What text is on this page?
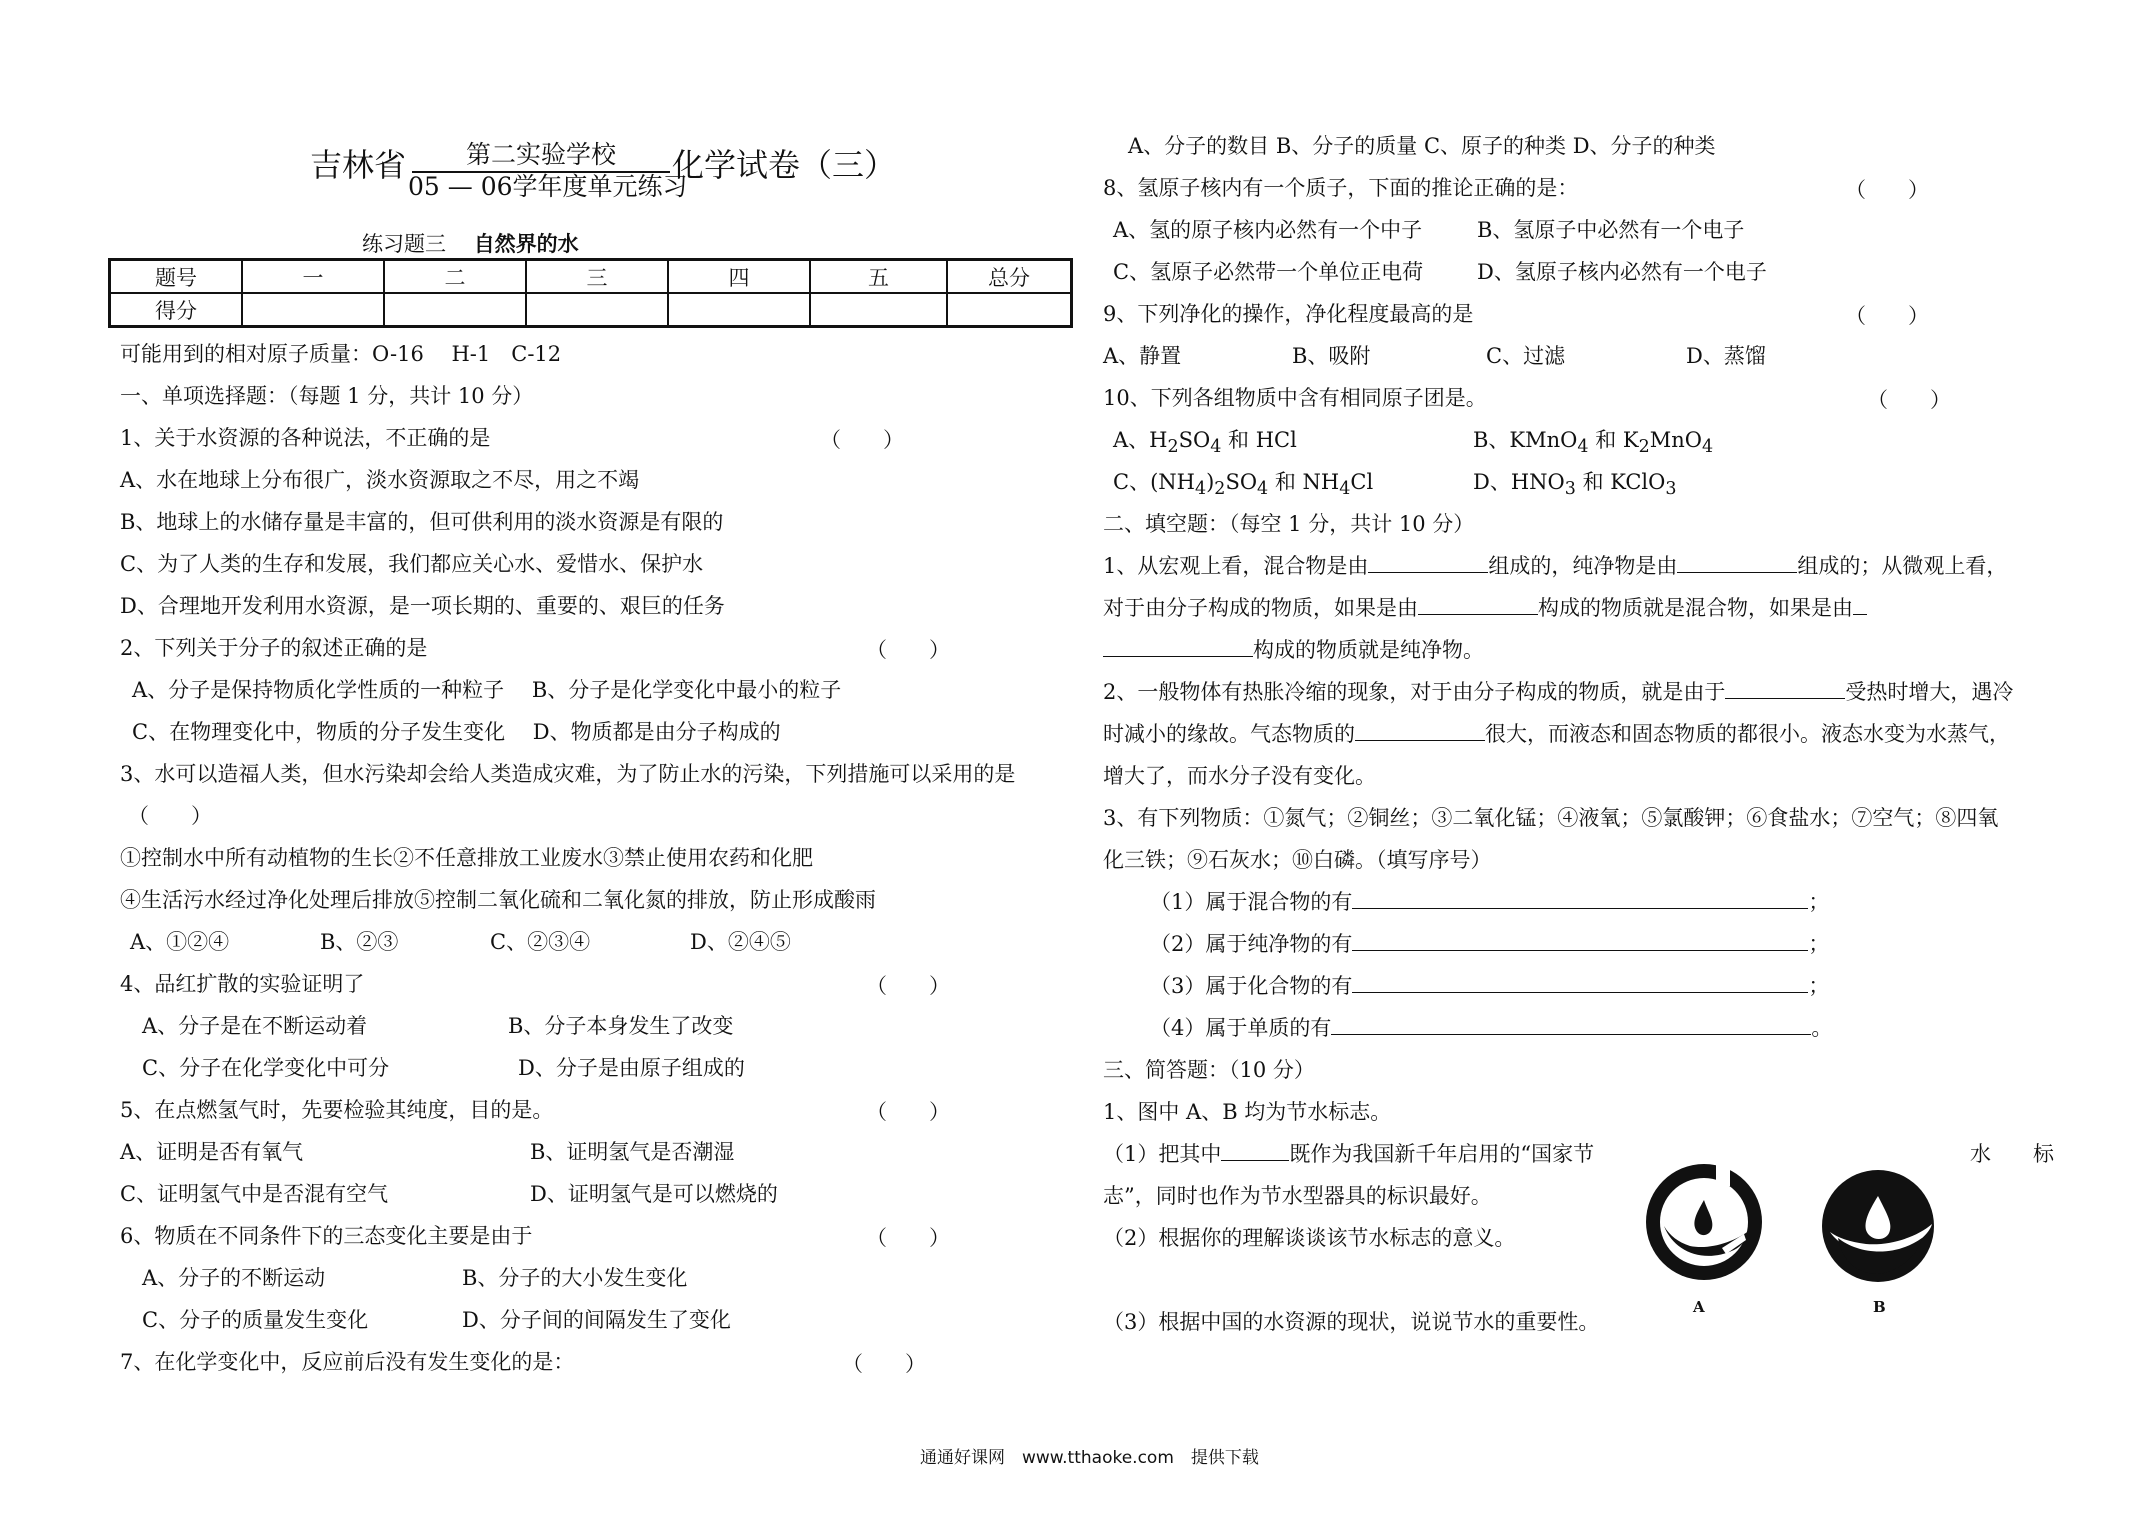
吉林省	第二实验学校	化学试卷（三）
05 — 06学年度单元练习
练习题三　 自然界的水
题号	一	二	三	四	五	总分
得分						
可能用到的相对原子质量：O-16　 H-1　C-12
一、单项选择题：（每题 1 分，共计 10 分）
1、关于水资源的各种说法，不正确的是	（　　）
A、水在地球上分布很广，淡水资源取之不尽，用之不竭
B、地球上的水储存量是丰富的，但可供利用的淡水资源是有限的
C、为了人类的生存和发展，我们都应关心水、爱惜水、保护水
D、合理地开发利用水资源，是一项长期的、重要的、艰巨的任务
2、下列关于分子的叙述正确的是	（　　）
A、分子是保持物质化学性质的一种粒子　 B、分子是化学变化中最小的粒子
C、在物理变化中，物质的分子发生变化　 D、物质都是由分子构成的
3、水可以造福人类，但水污染却会给人类造成灾难，为了防止水的污染，下列措施可以采用的是
（　　）
①控制水中所有动植物的生长②不任意排放工业废水③禁止使用农药和化肥
④生活污水经过净化处理后排放⑤控制二氧化硫和二氧化氮的排放，防止形成酸雨
A、①②④	B、②③	C、②③④	D、②④⑤
4、品红扩散的实验证明了	（　　）
A、分子是在不断运动着	B、分子本身发生了改变
C、分子在化学变化中可分	D、分子是由原子组成的
5、在点燃氢气时，先要检验其纯度，目的是。	（　　）
A、证明是否有氧气	B、证明氢气是否潮湿
C、证明氢气中是否混有空气	D、证明氢气是可以燃烧的
6、物质在不同条件下的三态变化主要是由于	（　　）
A、分子的不断运动	B、分子的大小发生变化
C、分子的质量发生变化	D、分子间的间隔发生了变化
7、在化学变化中，反应前后没有发生变化的是：	（　　）
A、分子的数目 B、分子的质量 C、原子的种类 D、分子的种类
8、氢原子核内有一个质子，下面的推论正确的是：	（　　）
A、氢的原子核内必然有一个中子	B、氢原子中必然有一个电子
C、氢原子必然带一个单位正电荷	D、氢原子核内必然有一个电子
9、下列净化的操作，净化程度最高的是	（　　）
A、静置	B、吸附	C、过滤	D、蒸馏
10、下列各组物质中含有相同原子团是。	（　　）
A、$H_2SO_4$ 和 HCl	B、KMnO$_4$ 和 $K_2MnO_4$
C、$(NH_4)_2SO_4$ 和 $NH_4Cl$	D、$HNO_3$ 和 KClO$_3$
二、填空题：（每空 1 分，共计 10 分）
1、从宏观上看，混合物是由	组成的，纯净物是由	组成的；从微观上看，
对于由分子构成的物质，如果是由	构成的物质就是混合物，如果是由
构成的物质就是纯净物。
2、一般物体有热胀冷缩的现象，对于由分子构成的物质，就是由于	受热时增大，遇冷
时减小的缘故。气态物质的	很大，而液态和固态物质的都很小。液态水变为水蒸气，
增大了，而水分子没有变化。
3、有下列物质：①氮气；②铜丝；③二氧化锰；④液氧；⑤氯酸钾；⑥食盐水；⑦空气；⑧四氧
化三铁；⑨石灰水；⑩白磷。（填写序号）
（1）属于混合物的有	；
（2）属于纯净物的有	；
（3）属于化合物的有	；
（4）属于单质的有	。
三、简答题：（10 分）
1、图中 A、B 均为节水标志。
（1）把其中	既作为我国新千年启用的“国家节	水　　标
志”，同时也作为节水型器具的标识最好。
（2）根据你的理解谈谈该节水标志的意义。
（3）根据中国的水资源的现状，说说节水的重要性。
A	B
通通好课网　www.tthaoke.com　提供下载
